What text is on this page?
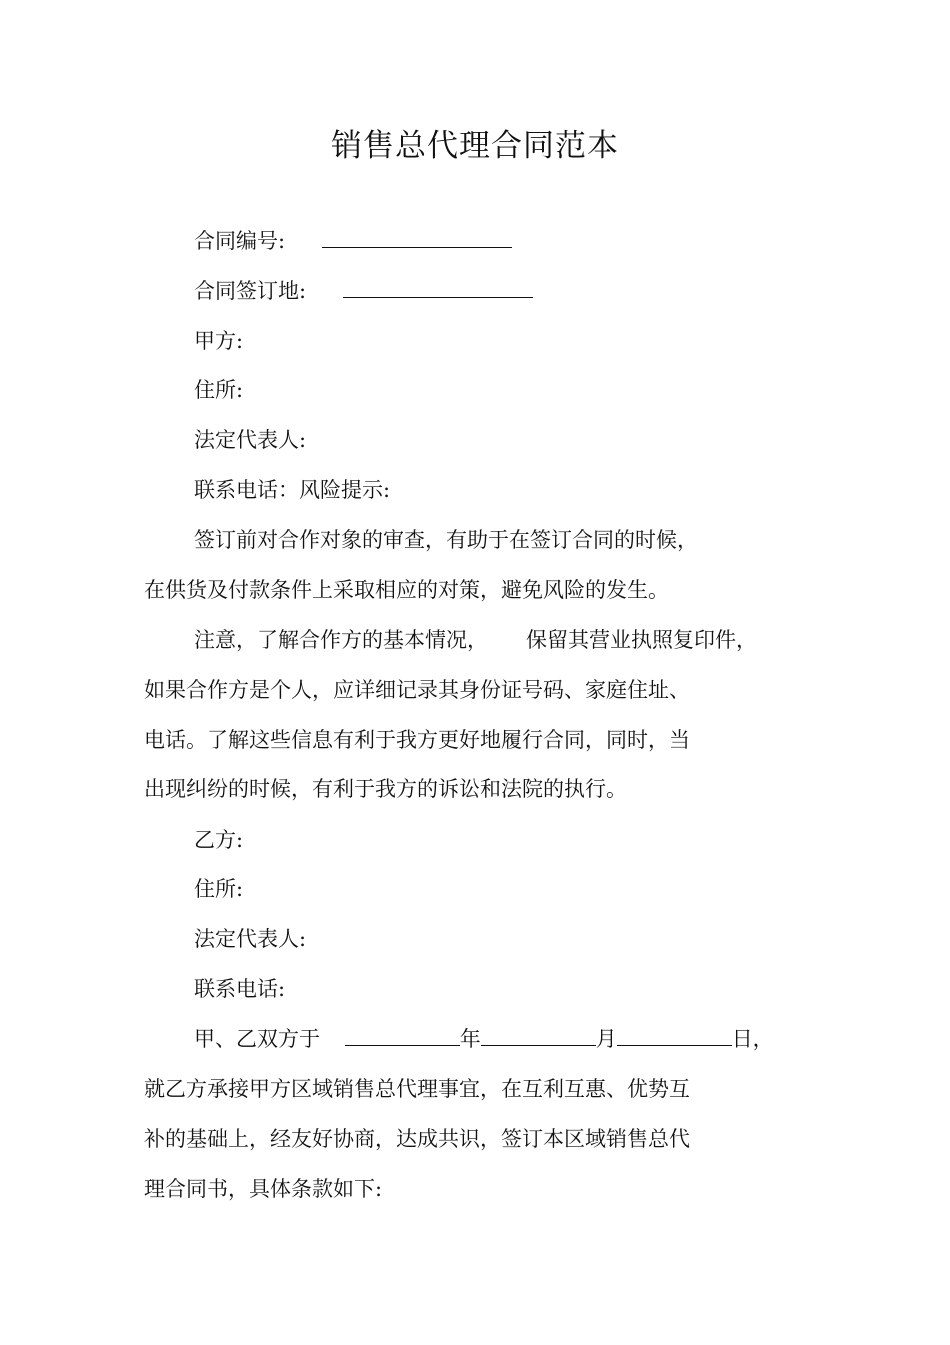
销售总代理合同范本
合同编号:
合同签订地:
甲方:
住所:
法定代表人:
联系电话：风险提示:
签订前对合作对象的审查，有助于在签订合同的时候，
在供货及付款条件上采取相应的对策，避免风险的发生。
注意，了解合作方的基本情况， 保留其营业执照复印件，
如果合作方是个人，应详细记录其身份证号码、家庭住址、
电话。了解这些信息有利于我方更好地履行合同，同时，当
出现纠纷的时候，有利于我方的诉讼和法院的执行。
乙方:
住所:
法定代表人:
联系电话:
甲、乙双方于	年	月	日，
就乙方承接甲方区域销售总代理事宜，在互利互惠、优势互
补的基础上，经友好协商，达成共识，签订本区域销售总代
理合同书，具体条款如下:
